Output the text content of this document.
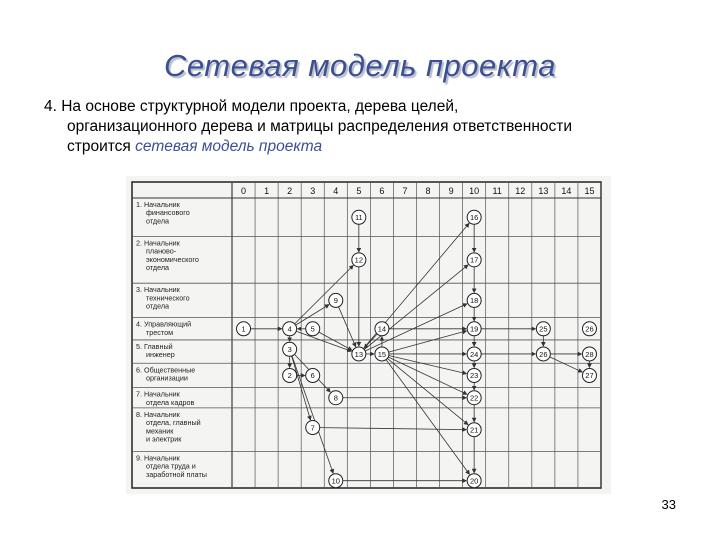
Сетевая модель проекта
4. На основе структурной модели проекта, дерева целей,
организационного дерева и матрицы распределения ответственности
строится сетевая модель проекта
1
2
3
4	5
6
7
8
9
10
11
12
13
14
15
16
17
18
19
20
21
22
23
24
25
26
26
28
27
0 1 2 3 4 5 6 7 8 9 10 11 12 13 14 15
1. Начальник
финансового
отдела
2. Начальник
планово-
экономического
отдела
3. Начальник
технического
отдела
4. Управляющий
трестом
5. Главный
инженер
6. Общественные
организации
7. Начальник
отдела кадров
8. Начальник
отдела, главный
механик
и электрик
9. Начальник
отдела труда и
заработной платы
33
